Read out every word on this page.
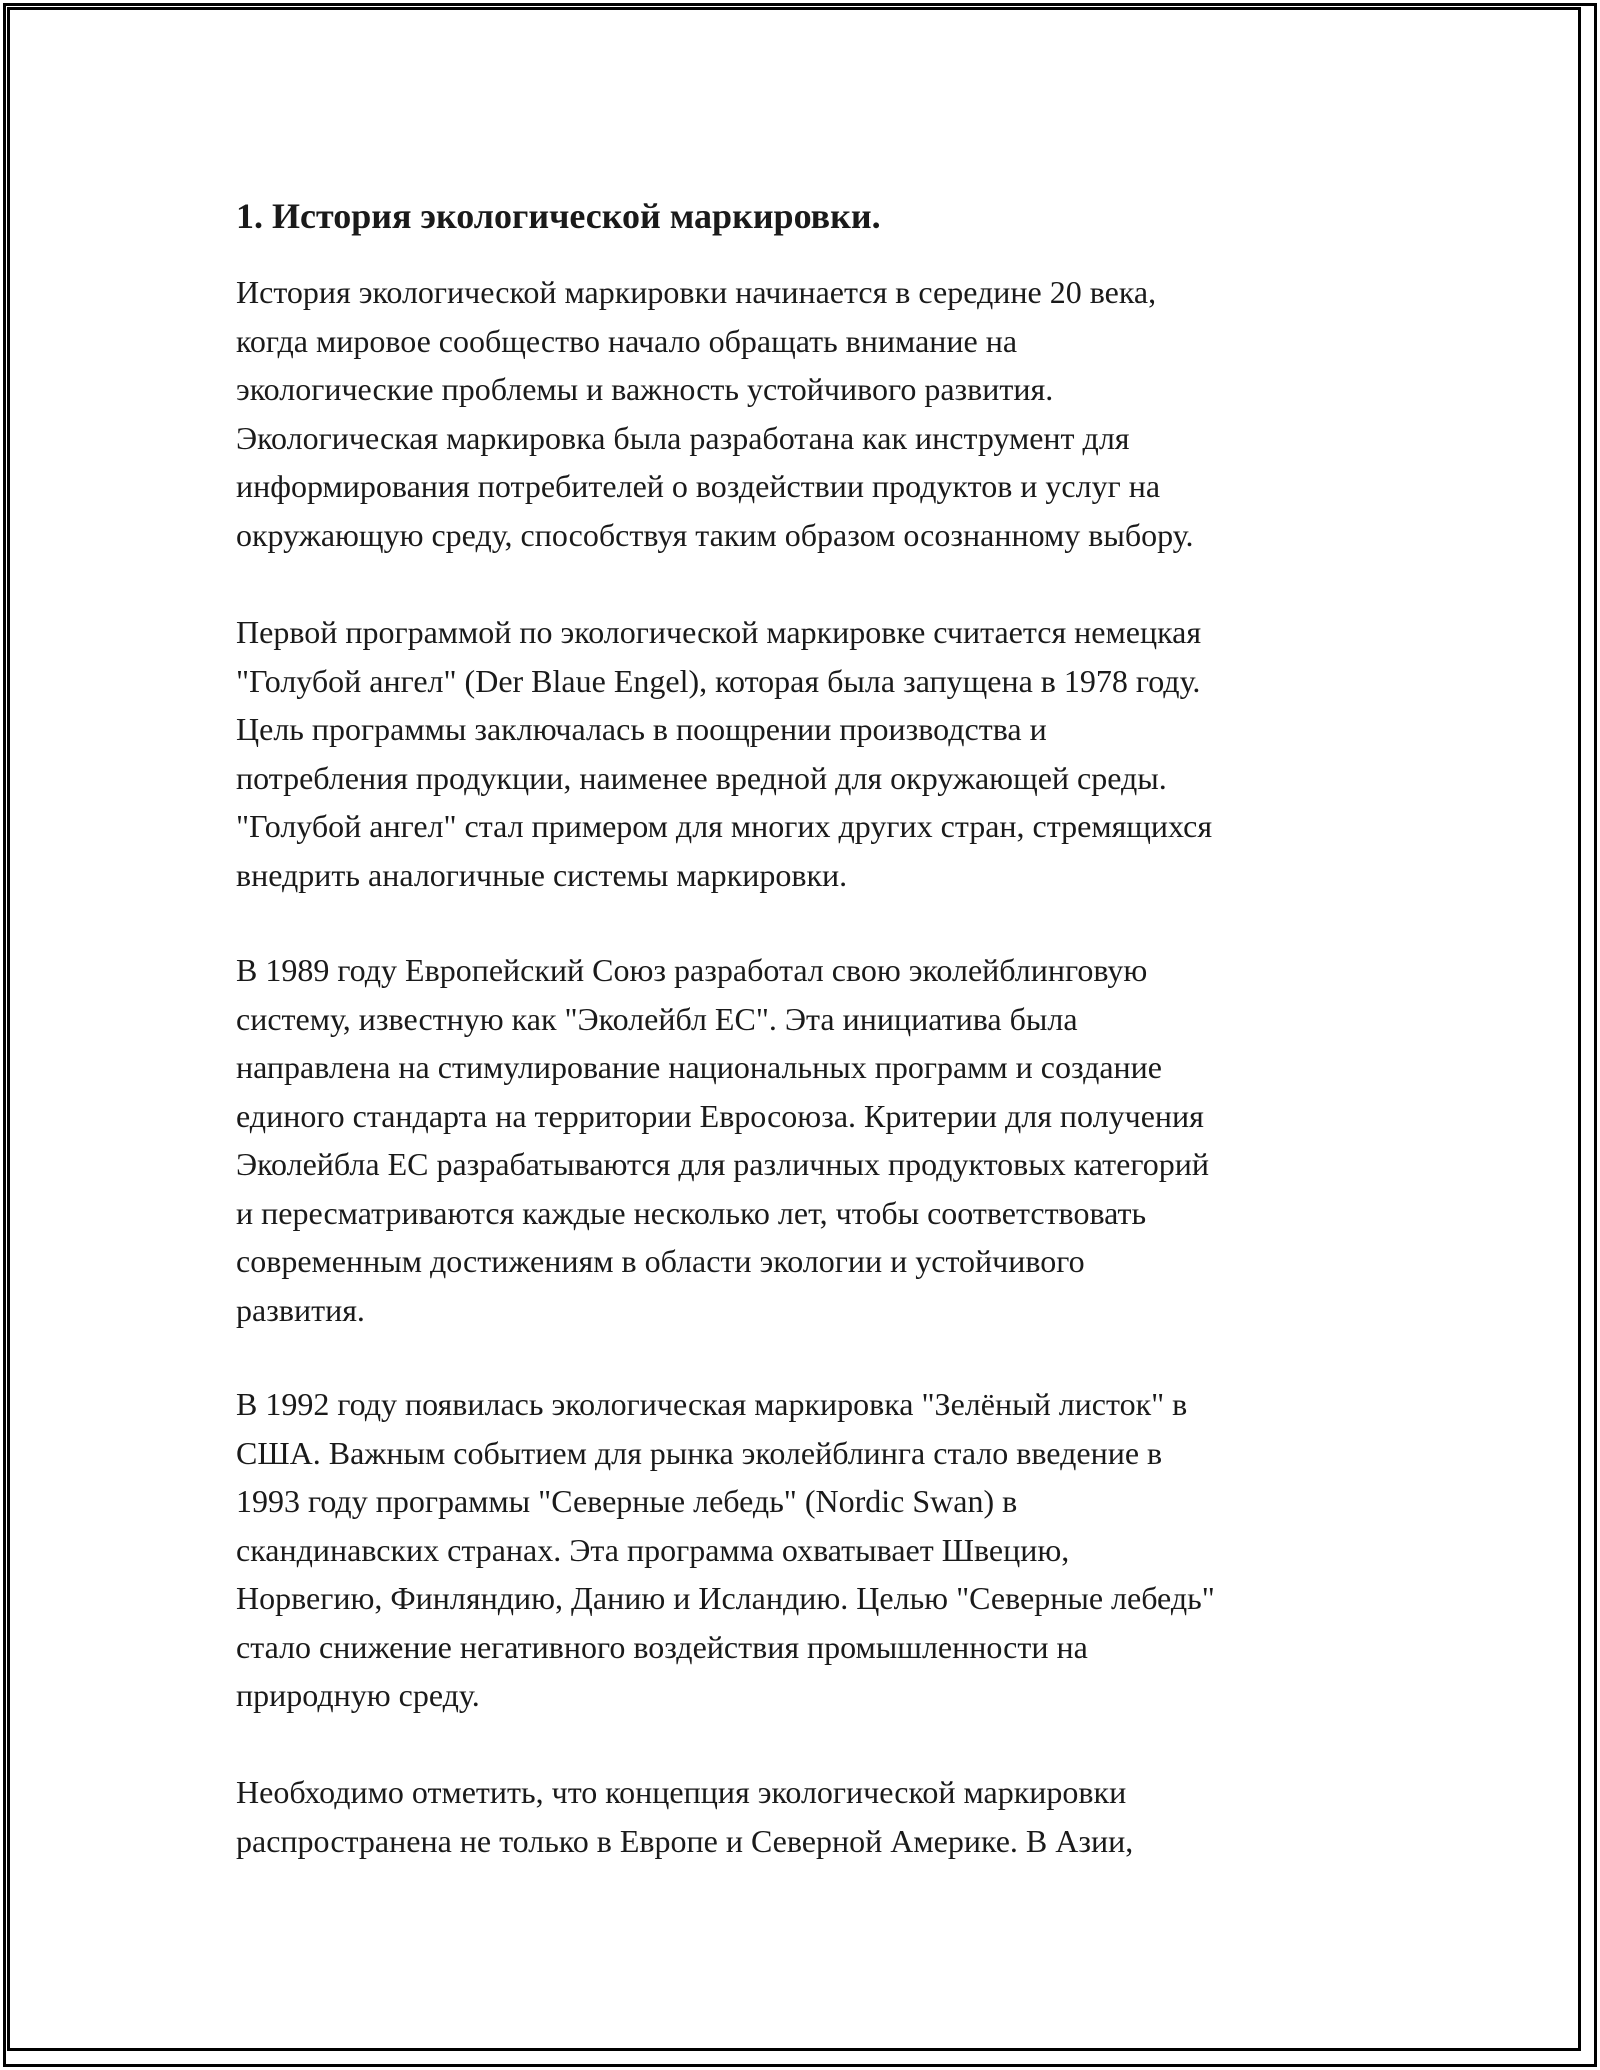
1. История экологической маркировки.

История экологической маркировки начинается в середине 20 века,
когда мировое сообщество начало обращать внимание на
экологические проблемы и важность устойчивого развития.
Экологическая маркировка была разработана как инструмент для
информирования потребителей о воздействии продуктов и услуг на
окружающую среду, способствуя таким образом осознанному выбору.

Первой программой по экологической маркировке считается немецкая
"Голубой ангел" (Der Blaue Engel), которая была запущена в 1978 году.
Цель программы заключалась в поощрении производства и
потребления продукции, наименее вредной для окружающей среды.
"Голубой ангел" стал примером для многих других стран, стремящихся
внедрить аналогичные системы маркировки.

В 1989 году Европейский Союз разработал свою эколейблинговую
систему, известную как "Эколейбл ЕС". Эта инициатива была
направлена на стимулирование национальных программ и создание
единого стандарта на территории Евросоюза. Критерии для получения
Эколейбла ЕС разрабатываются для различных продуктовых категорий
и пересматриваются каждые несколько лет, чтобы соответствовать
современным достижениям в области экологии и устойчивого
развития.

В 1992 году появилась экологическая маркировка "Зелёный листок" в
США. Важным событием для рынка эколейблинга стало введение в
1993 году программы "Северные лебедь" (Nordic Swan) в
скандинавских странах. Эта программа охватывает Швецию,
Норвегию, Финляндию, Данию и Исландию. Целью "Северные лебедь"
стало снижение негативного воздействия промышленности на
природную среду.

Необходимо отметить, что концепция экологической маркировки
распространена не только в Европе и Северной Америке. В Азии,
